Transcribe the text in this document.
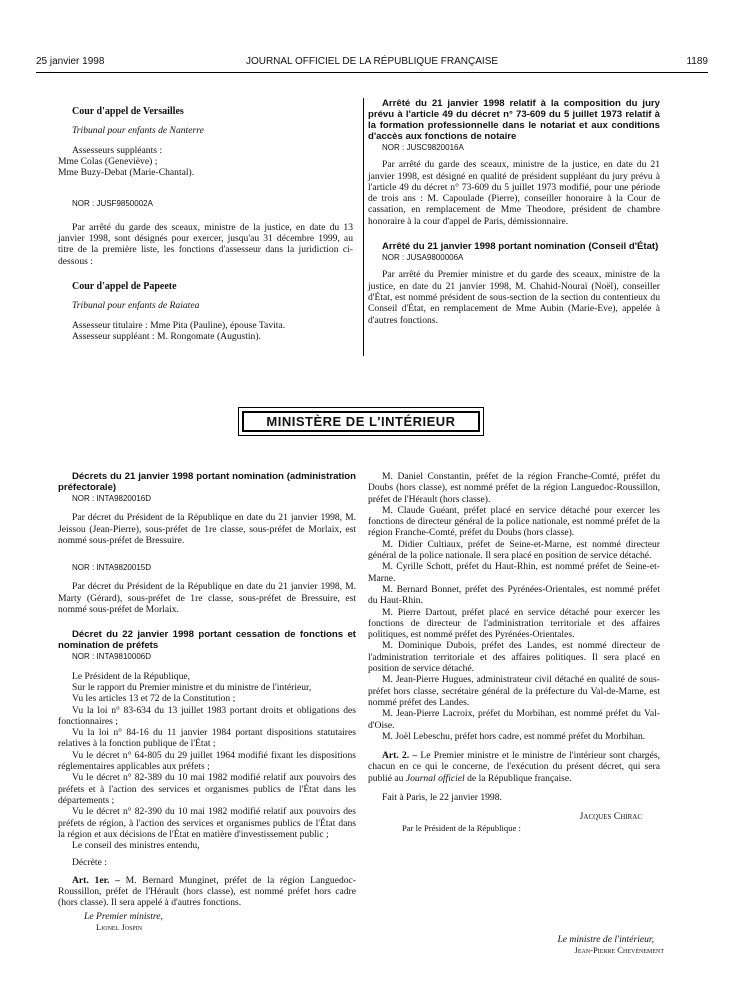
25 janvier 1998	JOURNAL OFFICIEL DE LA RÉPUBLIQUE FRANÇAISE	1189

Cour d'appel de Versailles

Tribunal pour enfants de Nanterre

Assesseurs suppléants :

Mme Colas (Geneviève) ;

Mme Buzy-Debat (Marie-Chantal).

NOR : JUSF9850002A

Par arrêté du garde des sceaux, ministre de la justice, en date du 13 janvier 1998, sont désignés pour exercer, jusqu'au 31 décembre 1999, au titre de la première liste, les fonctions d'assesseur dans la juridiction ci-dessous :

Cour d'appel de Papeete

Tribunal pour enfants de Raiatea

Assesseur titulaire : Mme Pita (Pauline), épouse Tavita.

Assesseur suppléant : M. Rongomate (Augustin).

Arrêté du 21 janvier 1998 relatif à la composition du jury prévu à l'article 49 du décret n° 73-609 du 5 juillet 1973 relatif à la formation professionnelle dans le notariat et aux conditions d'accès aux fonctions de notaire

NOR : JUSC9820016A

Par arrêté du garde des sceaux, ministre de la justice, en date du 21 janvier 1998, est désigné en qualité de président suppléant du jury prévu à l'article 49 du décret n° 73-609 du 5 juillet 1973 modifié, pour une période de trois ans : M. Capoulade (Pierre), conseiller honoraire à la Cour de cassation, en remplacement de Mme Theodore, président de chambre honoraire à la cour d'appel de Paris, démissionnaire.

Arrêté du 21 janvier 1998 portant nomination (Conseil d'État)

NOR : JUSA9800006A

Par arrêté du Premier ministre et du garde des sceaux, ministre de la justice, en date du 21 janvier 1998, M. Chahid-Nouraï (Noël), conseiller d'État, est nommé président de sous-section de la section du contentieux du Conseil d'État, en remplacement de Mme Aubin (Marie-Eve), appelée à d'autres fonctions.

MINISTÈRE DE L'INTÉRIEUR

Décrets du 21 janvier 1998 portant nomination (administration préfectorale)

NOR : INTA9820016D

Par décret du Président de la République en date du 21 janvier 1998, M. Jeissou (Jean-Pierre), sous-préfet de 1re classe, sous-préfet de Morlaix, est nommé sous-préfet de Bressuire.

NOR : INTA9820015D

Par décret du Président de la République en date du 21 janvier 1998, M. Marty (Gérard), sous-préfet de 1re classe, sous-préfet de Bressuire, est nommé sous-préfet de Morlaix.

Décret du 22 janvier 1998 portant cessation de fonctions et nomination de préfets

NOR : INTA9810006D

Le Président de la République,

Sur le rapport du Premier ministre et du ministre de l'intérieur,

Vu les articles 13 et 72 de la Constitution ;

Vu la loi n° 83-634 du 13 juillet 1983 portant droits et obligations des fonctionnaires ;

Vu la loi n° 84-16 du 11 janvier 1984 portant dispositions statutaires relatives à la fonction publique de l'État ;

Vu le décret n° 64-805 du 29 juillet 1964 modifié fixant les dispositions réglementaires applicables aux préfets ;

Vu le décret n° 82-389 du 10 mai 1982 modifié relatif aux pouvoirs des préfets et à l'action des services et organismes publics de l'État dans les départements ;

Vu le décret n° 82-390 du 10 mai 1982 modifié relatif aux pouvoirs des préfets de région, à l'action des services et organismes publics de l'État dans la région et aux décisions de l'État en matière d'investissement public ;

Le conseil des ministres entendu,

Décrète :

Art. 1er. – M. Bernard Munginet, préfet de la région Languedoc-Roussillon, préfet de l'Hérault (hors classe), est nommé préfet hors cadre (hors classe). Il sera appelé à d'autres fonctions.

M. Daniel Constantin, préfet de la région Franche-Comté, préfet du Doubs (hors classe), est nommé préfet de la région Languedoc-Roussillon, préfet de l'Hérault (hors classe).

M. Claude Guéant, préfet placé en service détaché pour exercer les fonctions de directeur général de la police nationale, est nommé préfet de la région Franche-Comté, préfet du Doubs (hors classe).

M. Didier Cultiaux, préfet de Seine-et-Marne, est nommé directeur général de la police nationale. Il sera placé en position de service détaché.

M. Cyrille Schott, préfet du Haut-Rhin, est nommé préfet de Seine-et-Marne.

M. Bernard Bonnet, préfet des Pyrénées-Orientales, est nommé préfet du Haut-Rhin.

M. Pierre Dartout, préfet placé en service détaché pour exercer les fonctions de directeur de l'administration territoriale et des affaires politiques, est nommé préfet des Pyrénées-Orientales.

M. Dominique Dubois, préfet des Landes, est nommé directeur de l'administration territoriale et des affaires politiques. Il sera placé en position de service détaché.

M. Jean-Pierre Hugues, administrateur civil détaché en qualité de sous-préfet hors classe, secrétaire général de la préfecture du Val-de-Marne, est nommé préfet des Landes.

M. Jean-Pierre Lacroix, préfet du Morbihan, est nommé préfet du Val-d'Oise.

M. Joël Lebeschu, préfet hors cadre, est nommé préfet du Morbihan.

Art. 2. – Le Premier ministre et le ministre de l'intérieur sont chargés, chacun en ce qui le concerne, de l'exécution du présent décret, qui sera publié au Journal officiel de la République française.

Fait à Paris, le 22 janvier 1998.

Jacques Chirac

Par le Président de la République :

Le Premier ministre,

Lionel Jospin

Le ministre de l'intérieur,

Jean-Pierre Chevènement
